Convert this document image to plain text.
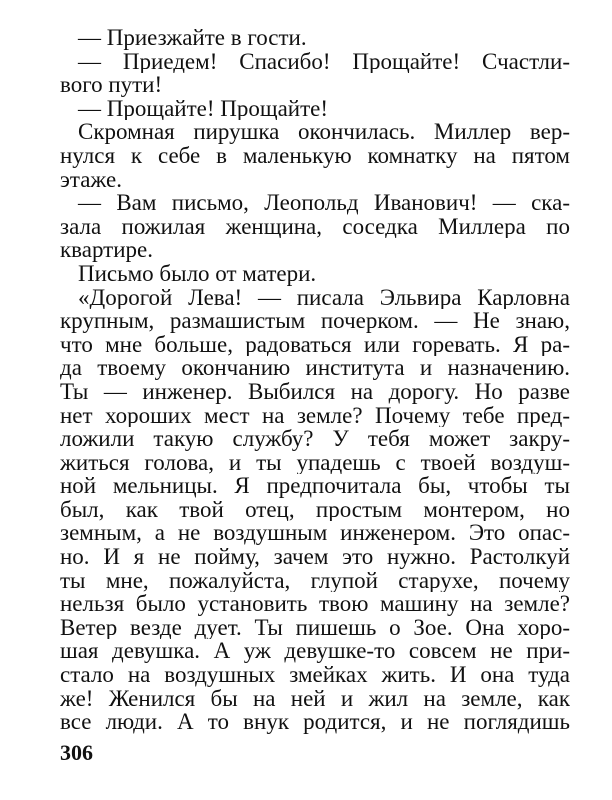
— Приезжайте в гости.
— Приедем! Спасибо! Прощайте! Счастли-
вого пути!
— Прощайте! Прощайте!
Скромная пирушка окончилась. Миллер вер-
нулся к себе в маленькую комнатку на пятом
этаже.
— Вам письмо, Леопольд Иванович! — ска-
зала пожилая женщина, соседка Миллера по
квартире.
Письмо было от матери.
«Дорогой Лева! — писала Эльвира Карловна
крупным, размашистым почерком. — Не знаю,
что мне больше, радоваться или горевать. Я ра-
да твоему окончанию института и назначению.
Ты — инженер. Выбился на дорогу. Но разве
нет хороших мест на земле? Почему тебе пред-
ложили такую службу? У тебя может закру-
житься голова, и ты упадешь с твоей воздуш-
ной мельницы. Я предпочитала бы, чтобы ты
был, как твой отец, простым монтером, но
земным, а не воздушным инженером. Это опас-
но. И я не пойму, зачем это нужно. Растолкуй
ты мне, пожалуйста, глупой старухе, почему
нельзя было установить твою машину на земле?
Ветер везде дует. Ты пишешь о Зое. Она хоро-
шая девушка. А уж девушке-то совсем не при-
стало на воздушных змейках жить. И она туда
же! Женился бы на ней и жил на земле, как
все люди. А то внук родится, и не поглядишь
306
